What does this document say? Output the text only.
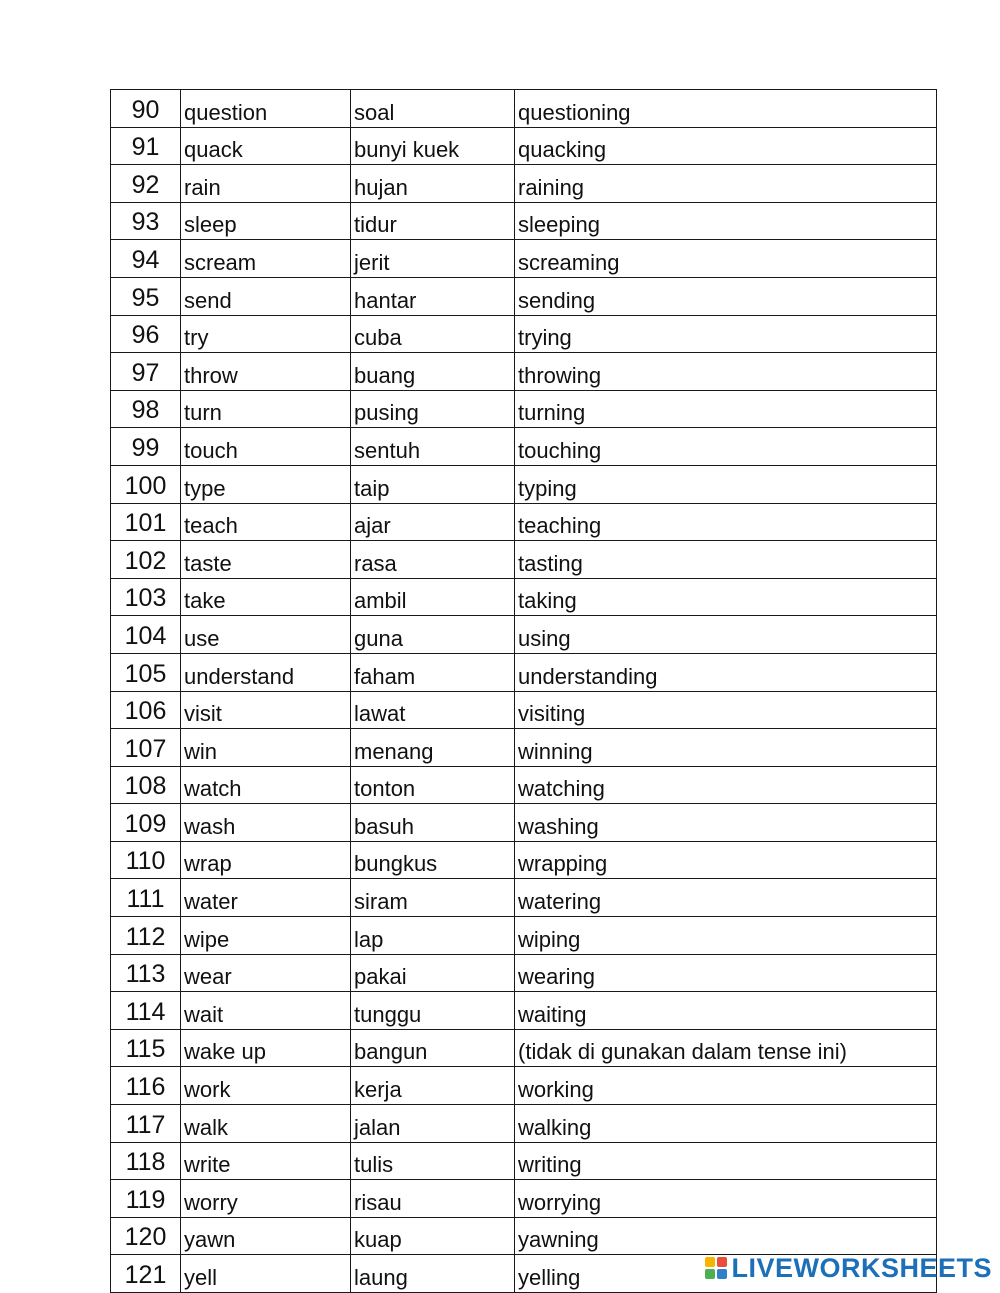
90	question	soal	questioning
91	quack	bunyi kuek	quacking
92	rain	hujan	raining
93	sleep	tidur	sleeping
94	scream	jerit	screaming
95	send	hantar	sending
96	try	cuba	trying
97	throw	buang	throwing
98	turn	pusing	turning
99	touch	sentuh	touching
100	type	taip	typing
101	teach	ajar	teaching
102	taste	rasa	tasting
103	take	ambil	taking
104	use	guna	using
105	understand	faham	understanding
106	visit	lawat	visiting
107	win	menang	winning
108	watch	tonton	watching
109	wash	basuh	washing
110	wrap	bungkus	wrapping
111	water	siram	watering
112	wipe	lap	wiping
113	wear	pakai	wearing
114	wait	tunggu	waiting
115	wake up	bangun	(tidak di gunakan dalam tense ini)
116	work	kerja	working
117	walk	jalan	walking
118	write	tulis	writing
119	worry	risau	worrying
120	yawn	kuap	yawning
121	yell	laung	yelling	LIVEWORKSHEETS
